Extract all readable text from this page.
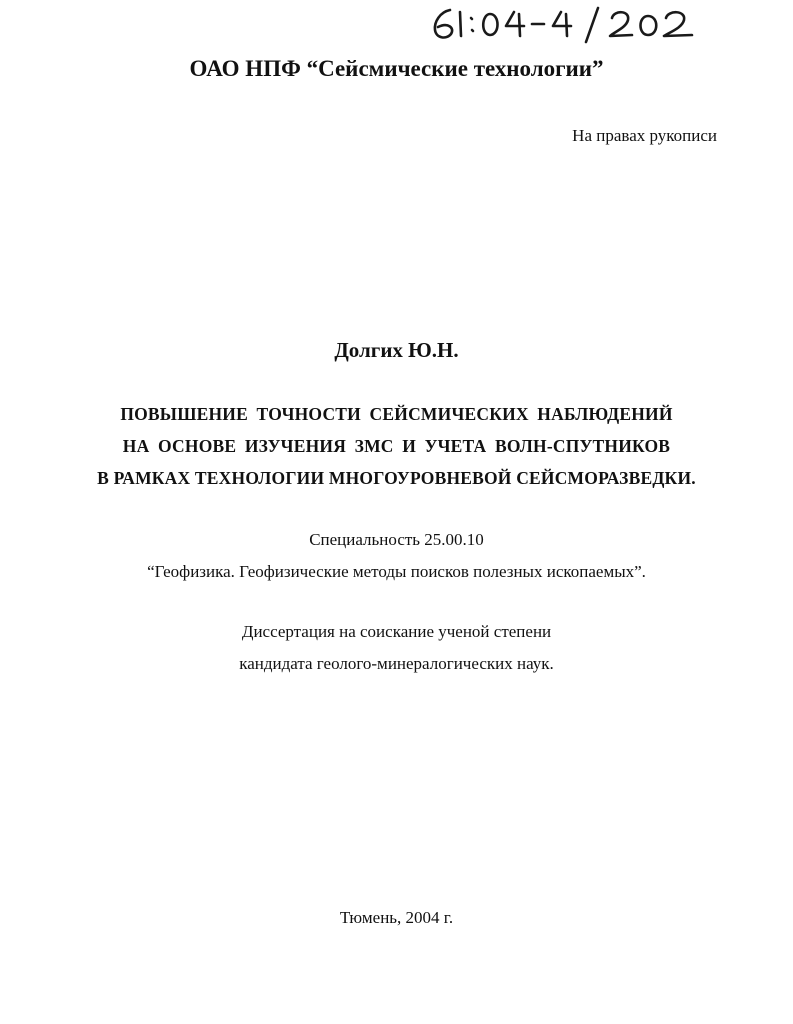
ОАО НПФ “Сейсмические технологии”
На правах рукописи
Долгих Ю.Н.
ПОВЫШЕНИЕ ТОЧНОСТИ СЕЙСМИЧЕСКИХ НАБЛЮДЕНИЙ
НА ОСНОВЕ ИЗУЧЕНИЯ ЗМС И УЧЕТА ВОЛН-СПУТНИКОВ
В РАМКАХ ТЕХНОЛОГИИ МНОГОУРОВНЕВОЙ СЕЙСМОРАЗВЕДКИ.
Специальность 25.00.10
“Геофизика. Геофизические методы поисков полезных ископаемых”.
Диссертация на соискание ученой степени
кандидата геолого-минералогических наук.
Тюмень, 2004 г.
